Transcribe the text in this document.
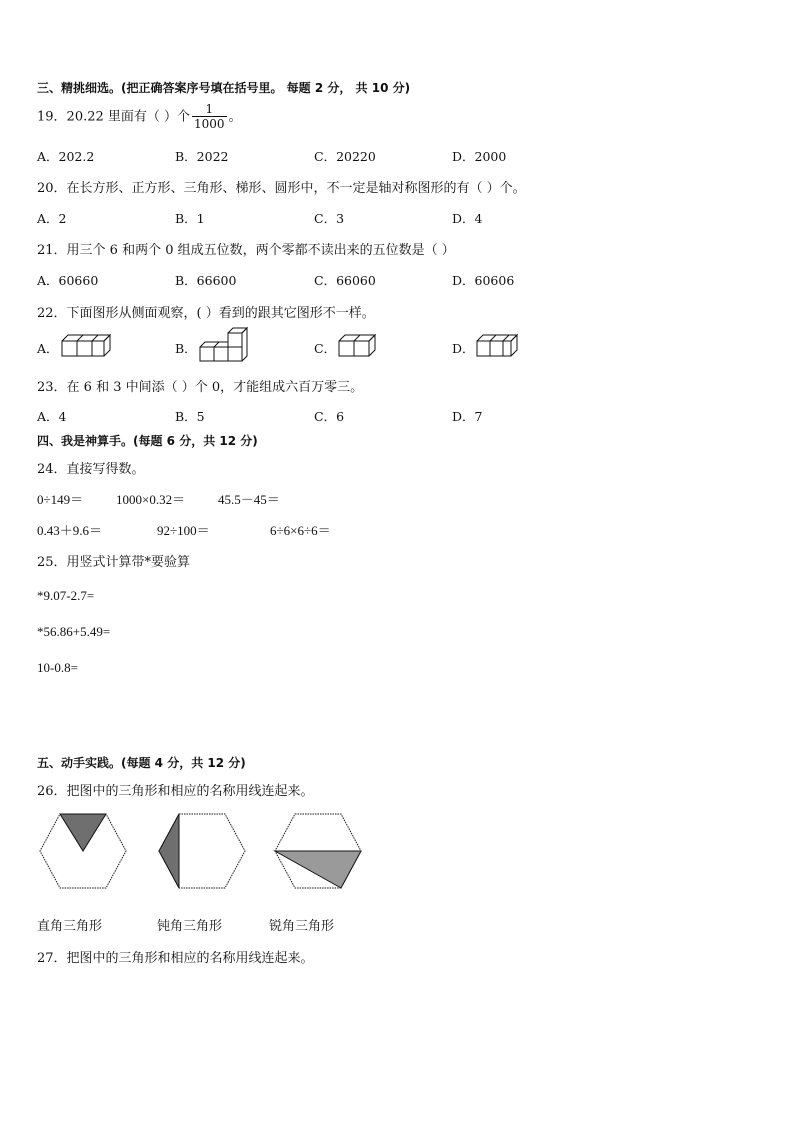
三、精挑细选。(把正确答案序号填在括号里。 每题 2 分， 共 10 分)
19．20.22 里面有（ ）个 $\frac{1}{1000}$ 。
A．202.2	B．2022	C．20220	D．2000
20．在长方形、正方形、三角形、梯形、圆形中，不一定是轴对称图形的有（ ）个。
A．2	B．1	C．3	D．4
21．用三个 6 和两个 0 组成五位数，两个零都不读出来的五位数是（ ）
A．60660	B．66600	C．66060	D．60606
22．下面图形从侧面观察，( ）看到的跟其它图形不一样。
A．	B．	C．	D．
23．在 6 和 3 中间添（ ）个 0，才能组成六百万零三。
A．4	B．5	C．6	D．7
四、我是神算手。(每题 6 分，共 12 分)
24．直接写得数。
0÷149＝	1000×0.32＝	45.5－45＝
0.43＋9.6＝	92÷100＝	6÷6×6÷6＝
25．用竖式计算带*要验算
*9.07-2.7=
*56.86+5.49=
10-0.8=
五、动手实践。(每题 4 分，共 12 分)
26．把图中的三角形和相应的名称用线连起来。
直角三角形	钝角三角形	锐角三角形
27．把图中的三角形和相应的名称用线连起来。
